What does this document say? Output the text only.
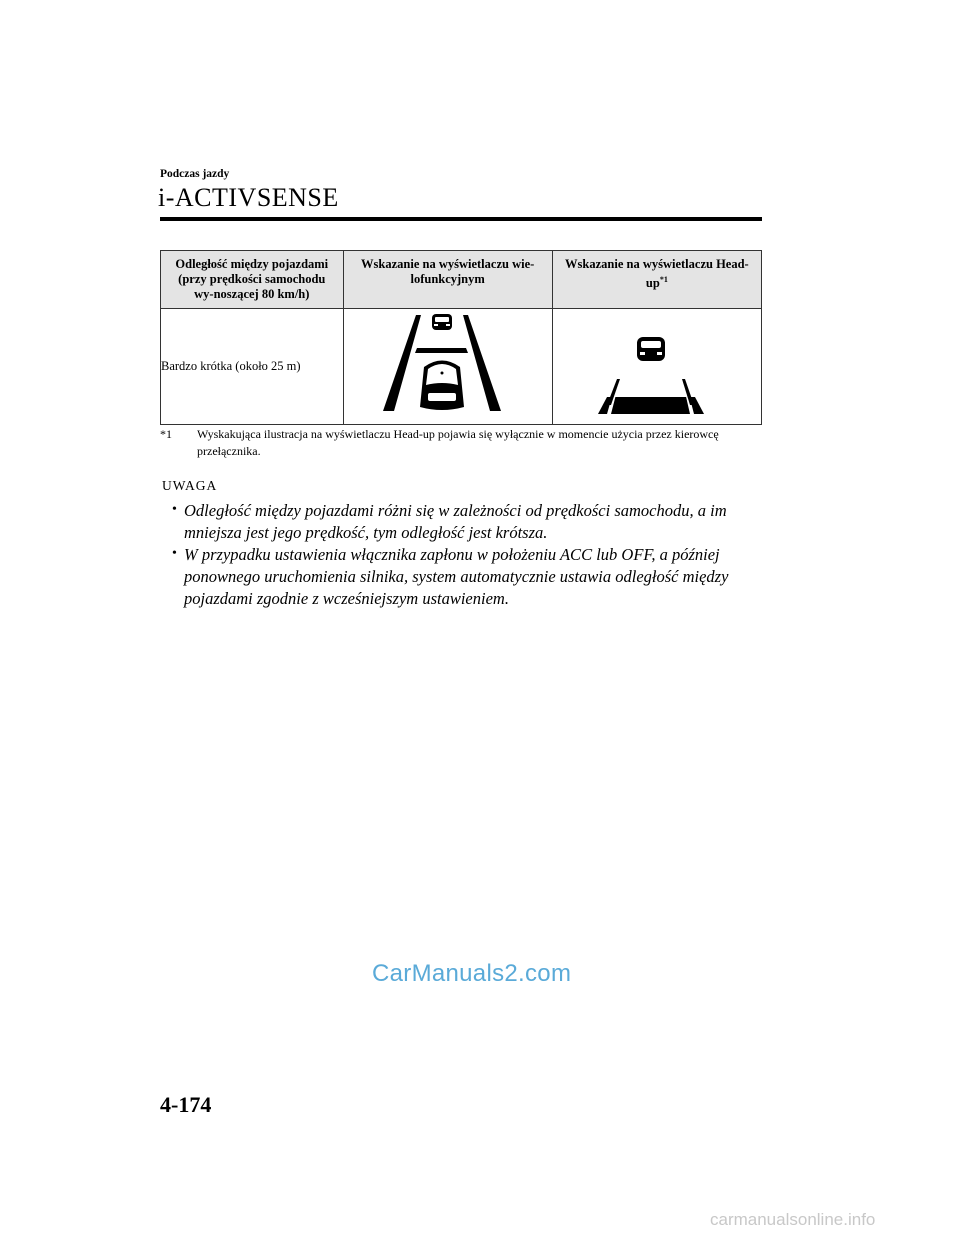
Podczas jazdy
i-ACTIVSENSE
Odległość między pojazdami (przy prędkości samochodu wy-noszącej 80 km/h)	Wskazanie na wyświetlaczu wie-lofunkcyjnym	Wskazanie na wyświetlaczu Head-$up^{*1}$
Bardzo krótka (około 25 m)		
*1	Wyskakująca ilustracja na wyświetlaczu Head-up pojawia się wyłącznie w momencie użycia przez kierowcę przełącznika.
UWAGA
• Odległość między pojazdami różni się w zależności od prędkości samochodu, a im mniejsza jest jego prędkość, tym odległość jest krótsza.
• W przypadku ustawienia włącznika zapłonu w położeniu ACC lub OFF, a później ponownego uruchomienia silnika, system automatycznie ustawia odległość między pojazdami zgodnie z wcześniejszym ustawieniem.
CarManuals2.com
4-174
carmanualsonline.info
